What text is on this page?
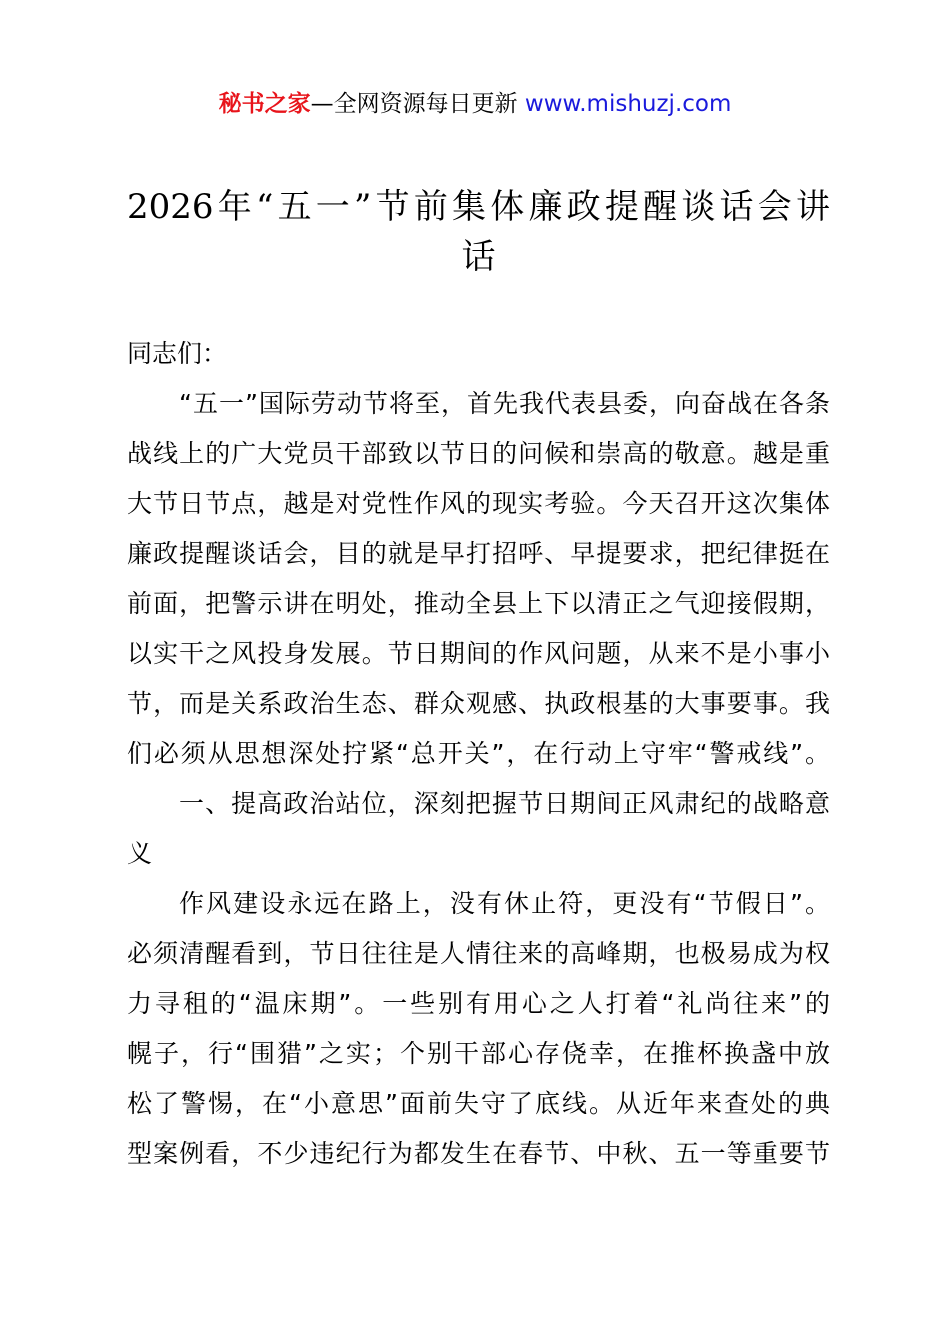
秘书之家—全网资源每日更新 www.mishuzj.com
2026年“五一”节前集体廉政提醒谈话会讲
话
同志们：
“五一”国际劳动节将至，首先我代表县委，向奋战在各条
战线上的广大党员干部致以节日的问候和崇高的敬意。越是重
大节日节点，越是对党性作风的现实考验。今天召开这次集体
廉政提醒谈话会，目的就是早打招呼、早提要求，把纪律挺在
前面，把警示讲在明处，推动全县上下以清正之气迎接假期，
以实干之风投身发展。节日期间的作风问题，从来不是小事小
节，而是关系政治生态、群众观感、执政根基的大事要事。我
们必须从思想深处拧紧“总开关”，在行动上守牢“警戒线”。
一、提高政治站位，深刻把握节日期间正风肃纪的战略意
义
作风建设永远在路上，没有休止符，更没有“节假日”。
必须清醒看到，节日往往是人情往来的高峰期，也极易成为权
力寻租的“温床期”。一些别有用心之人打着“礼尚往来”的
幌子，行“围猎”之实；个别干部心存侥幸，在推杯换盏中放
松了警惕，在“小意思”面前失守了底线。从近年来查处的典
型案例看，不少违纪行为都发生在春节、中秋、五一等重要节
